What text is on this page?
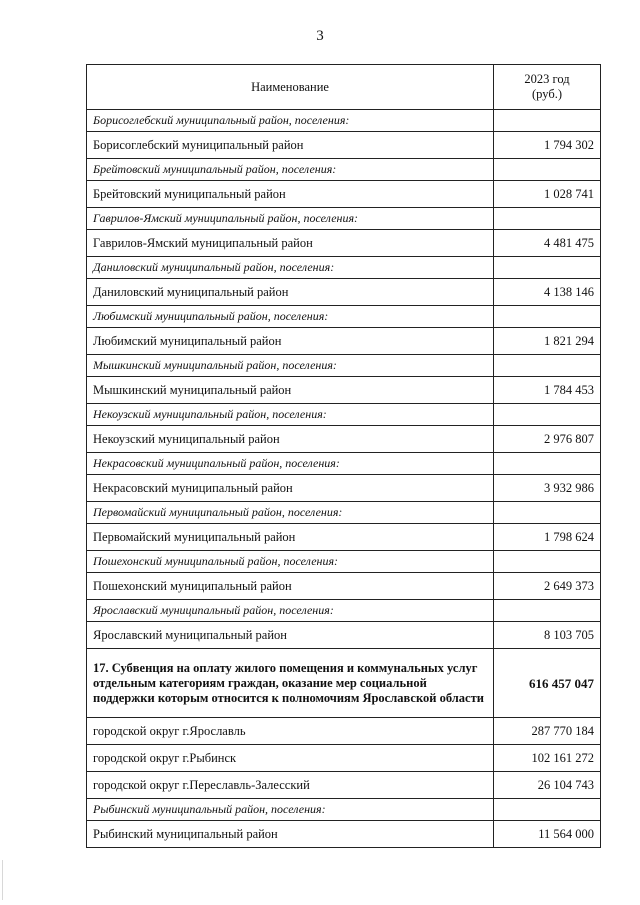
3
Наименование	2023 год
(руб.)
Борисоглебский муниципальный район, поселения:	
Борисоглебский муниципальный район	1 794 302
Брейтовский муниципальный район, поселения:	
Брейтовский муниципальный район	1 028 741
Гаврилов-Ямский муниципальный район, поселения:	
Гаврилов-Ямский муниципальный район	4 481 475
Даниловский муниципальный район, поселения:	
Даниловский муниципальный район	4 138 146
Любимский муниципальный район, поселения:	
Любимский муниципальный район	1 821 294
Мышкинский муниципальный район, поселения:	
Мышкинский муниципальный район	1 784 453
Некоузский муниципальный район, поселения:	
Некоузский муниципальный район	2 976 807
Некрасовский муниципальный район, поселения:	
Некрасовский муниципальный район	3 932 986
Первомайский муниципальный район, поселения:	
Первомайский муниципальный район	1 798 624
Пошехонский муниципальный район, поселения:	
Пошехонский муниципальный район	2 649 373
Ярославский муниципальный район, поселения:	
Ярославский муниципальный район	8 103 705
17. Субвенция на оплату жилого помещения и коммунальных услуг отдельным категориям граждан, оказание мер социальной поддержки которым относится к полномочиям Ярославской области	616 457 047
городской округ г.Ярославль	287 770 184
городской округ г.Рыбинск	102 161 272
городской округ г.Переславль-Залесский	26 104 743
Рыбинский муниципальный район, поселения:	
Рыбинский муниципальный район	11 564 000
